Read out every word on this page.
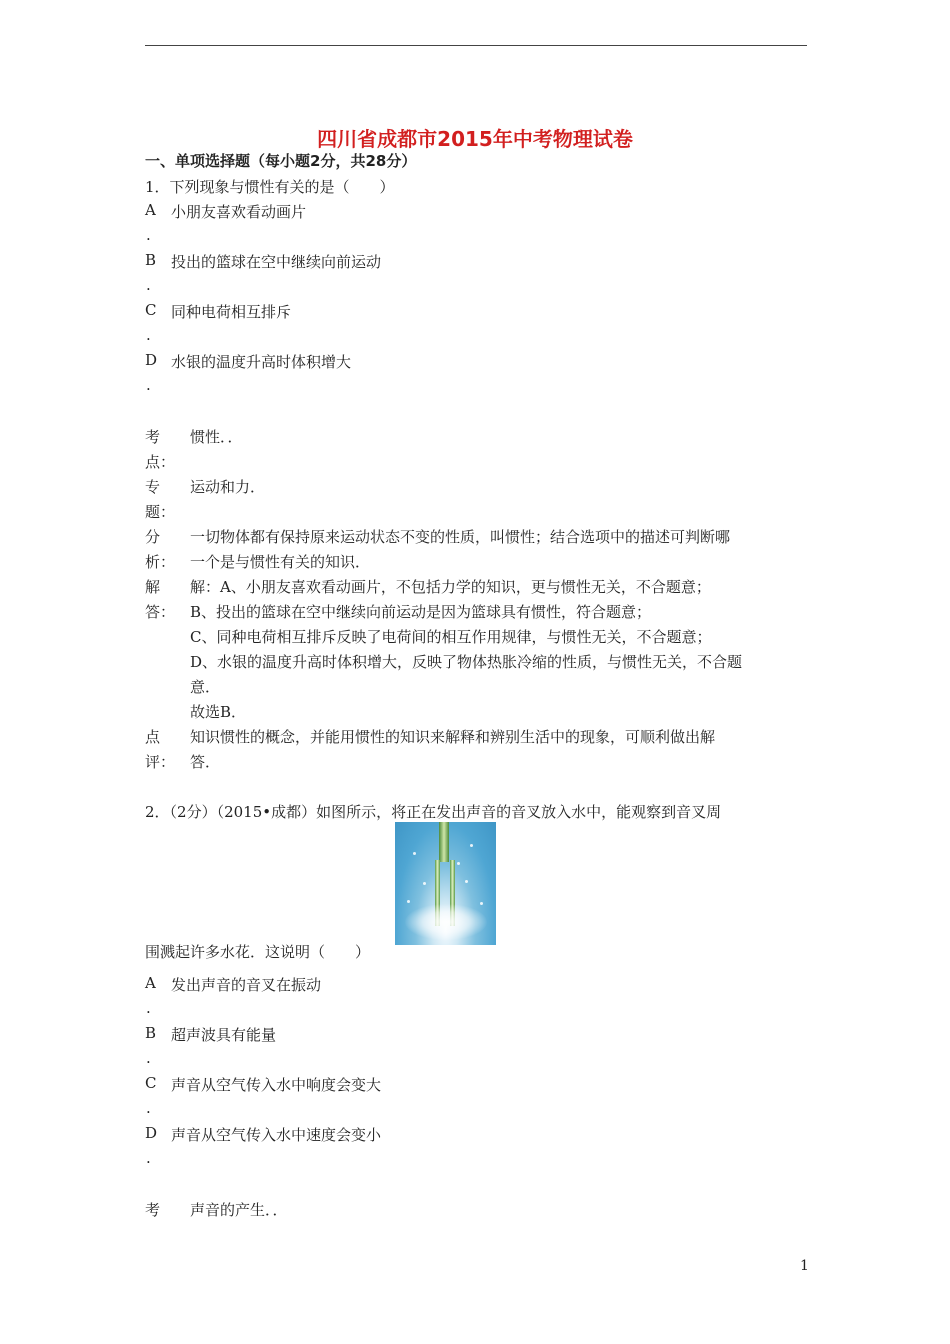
四川省成都市2015年中考物理试卷
一、单项选择题（每小题2分，共28分）
1．下列现象与惯性有关的是（　　）
A 小朋友喜欢看动画片
.
B 投出的篮球在空中继续向前运动
.
C 同种电荷相互排斥
.
D 水银的温度升高时体积增大
.
考
点：
惯性．．
专
题：
运动和力．
分
析：
一切物体都有保持原来运动状态不变的性质，叫惯性；结合选项中的描述可判断哪
一个是与惯性有关的知识．
解
答：
解：A、小朋友喜欢看动画片，不包括力学的知识，更与惯性无关，不合题意；
B、投出的篮球在空中继续向前运动是因为篮球具有惯性，符合题意；
C、同种电荷相互排斥反映了电荷间的相互作用规律，与惯性无关，不合题意；
D、水银的温度升高时体积增大，反映了物体热胀冷缩的性质，与惯性无关，不合题
意．
故选B．
点
评：
知识惯性的概念，并能用惯性的知识来解释和辨别生活中的现象，可顺利做出解
答．
2．（2分）（2015•成都）如图所示，将正在发出声音的音叉放入水中，能观察到音叉周
围溅起许多水花．这说明（　　）
A 发出声音的音叉在振动
.
B 超声波具有能量
.
C 声音从空气传入水中响度会变大
.
D 声音从空气传入水中速度会变小
.
考 声音的产生．．
1
